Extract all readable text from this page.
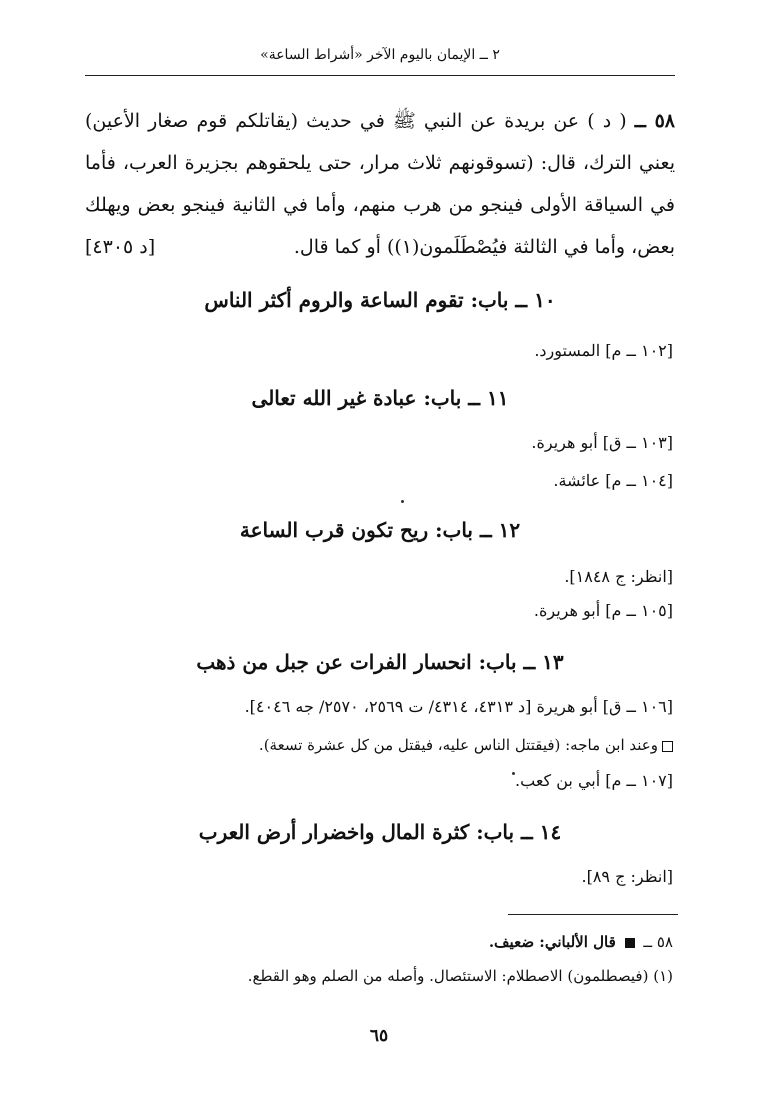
٢ ــ الإيمان باليوم الآخر «أشراط الساعة»
٥٨ ــ ( د ) عن بريدة عن النبي ﷺ في حديث (يقاتلكم قوم صغار الأعين) يعني الترك، قال: (تسوقونهم ثلاث مرار، حتى يلحقوهم بجزيرة العرب، فأما في السياقة الأولى فينجو من هرب منهم، وأما في الثانية فينجو بعض ويهلك بعض، وأما في الثالثة فيُصْطَلَمون(١)) أو كما قال.
[د ٤٣٠٥]
١٠ ــ باب: تقوم الساعة والروم أكثر الناس
[١٠٢ ــ م] المستورد.
١١ ــ باب: عبادة غير الله تعالى
[١٠٣ ــ ق] أبو هريرة.
[١٠٤ ــ م] عائشة.
١٢ ــ باب: ريح تكون قرب الساعة
[انظر: ج ١٨٤٨].
[١٠٥ ــ م] أبو هريرة.
١٣ ــ باب: انحسار الفرات عن جبل من ذهب
[١٠٦ ــ ق] أبو هريرة [د ٤٣١٣، ٤٣١٤/ ت ٢٥٦٩، ٢٥٧٠/ جه ٤٠٤٦].
وعند ابن ماجه: (فيقتتل الناس عليه، فيقتل من كل عشرة تسعة).
[١٠٧ ــ م] أبي بن كعب.
١٤ ــ باب: كثرة المال واخضرار أرض العرب
[انظر: ج ٨٩].
٥٨ ــ  قال الألباني: ضعيف.
(١) (فيصطلمون) الاصطلام: الاستئصال. وأصله من الصلم وهو القطع.
٦٥
